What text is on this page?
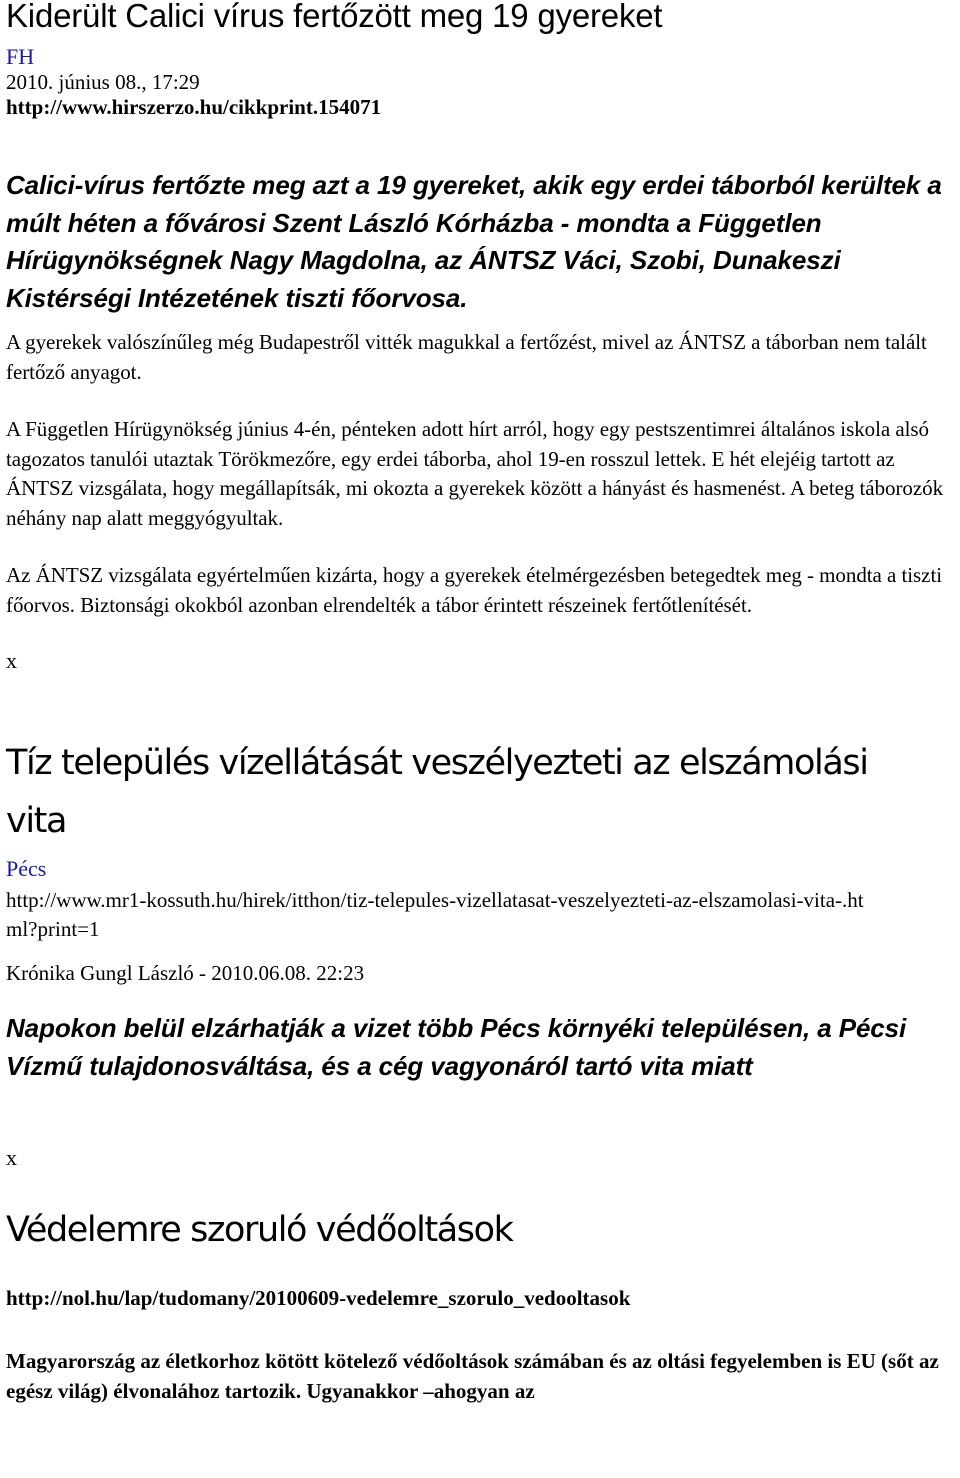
Kiderült Calici vírus fertőzött meg 19 gyereket
FH
2010. június 08., 17:29
http://www.hirszerzo.hu/cikkprint.154071

Calici-vírus fertőzte meg azt a 19 gyereket, akik egy erdei táborból kerültek a múlt héten a fővárosi Szent László Kórházba - mondta a Független Hírügynökségnek Nagy Magdolna, az ÁNTSZ Váci, Szobi, Dunakeszi Kistérségi Intézetének tiszti főorvosa.

A gyerekek valószínűleg még Budapestről vitték magukkal a fertőzést, mivel az ÁNTSZ a táborban nem talált fertőző anyagot.

A Független Hírügynökség június 4-én, pénteken adott hírt arról, hogy egy pestszentimrei általános iskola alsó tagozatos tanulói utaztak Törökmezőre, egy erdei táborba, ahol 19-en rosszul lettek. E hét elejéig tartott az ÁNTSZ vizsgálata, hogy megállapítsák, mi okozta a gyerekek között a hányást és hasmenést. A beteg táborozók néhány nap alatt meggyógyultak.

Az ÁNTSZ vizsgálata egyértelműen kizárta, hogy a gyerekek ételmérgezésben betegedtek meg - mondta a tiszti főorvos. Biztonsági okokból azonban elrendelték a tábor érintett részeinek fertőtlenítését.

x
Tíz település vízellátását veszélyezteti az elszámolási vita
Pécs
http://www.mr1-kossuth.hu/hirek/itthon/tiz-telepules-vizellatasat-veszelyezteti-az-elszamolasi-vita-.html?print=1
Krónika Gungl László - 2010.06.08. 22:23

Napokon belül elzárhatják a vizet több Pécs környéki településen, a Pécsi Vízmű tulajdonosváltása, és a cég vagyonáról tartó vita miatt

x
Védelemre szoruló védőoltások
http://nol.hu/lap/tudomany/20100609-vedelemre_szorulo_vedooltasok

Magyarország az életkorhoz kötött kötelező védőoltások számában és az oltási fegyelemben is EU (sőt az egész világ) élvonalához tartozik. Ugyanakkor –ahogyan az
